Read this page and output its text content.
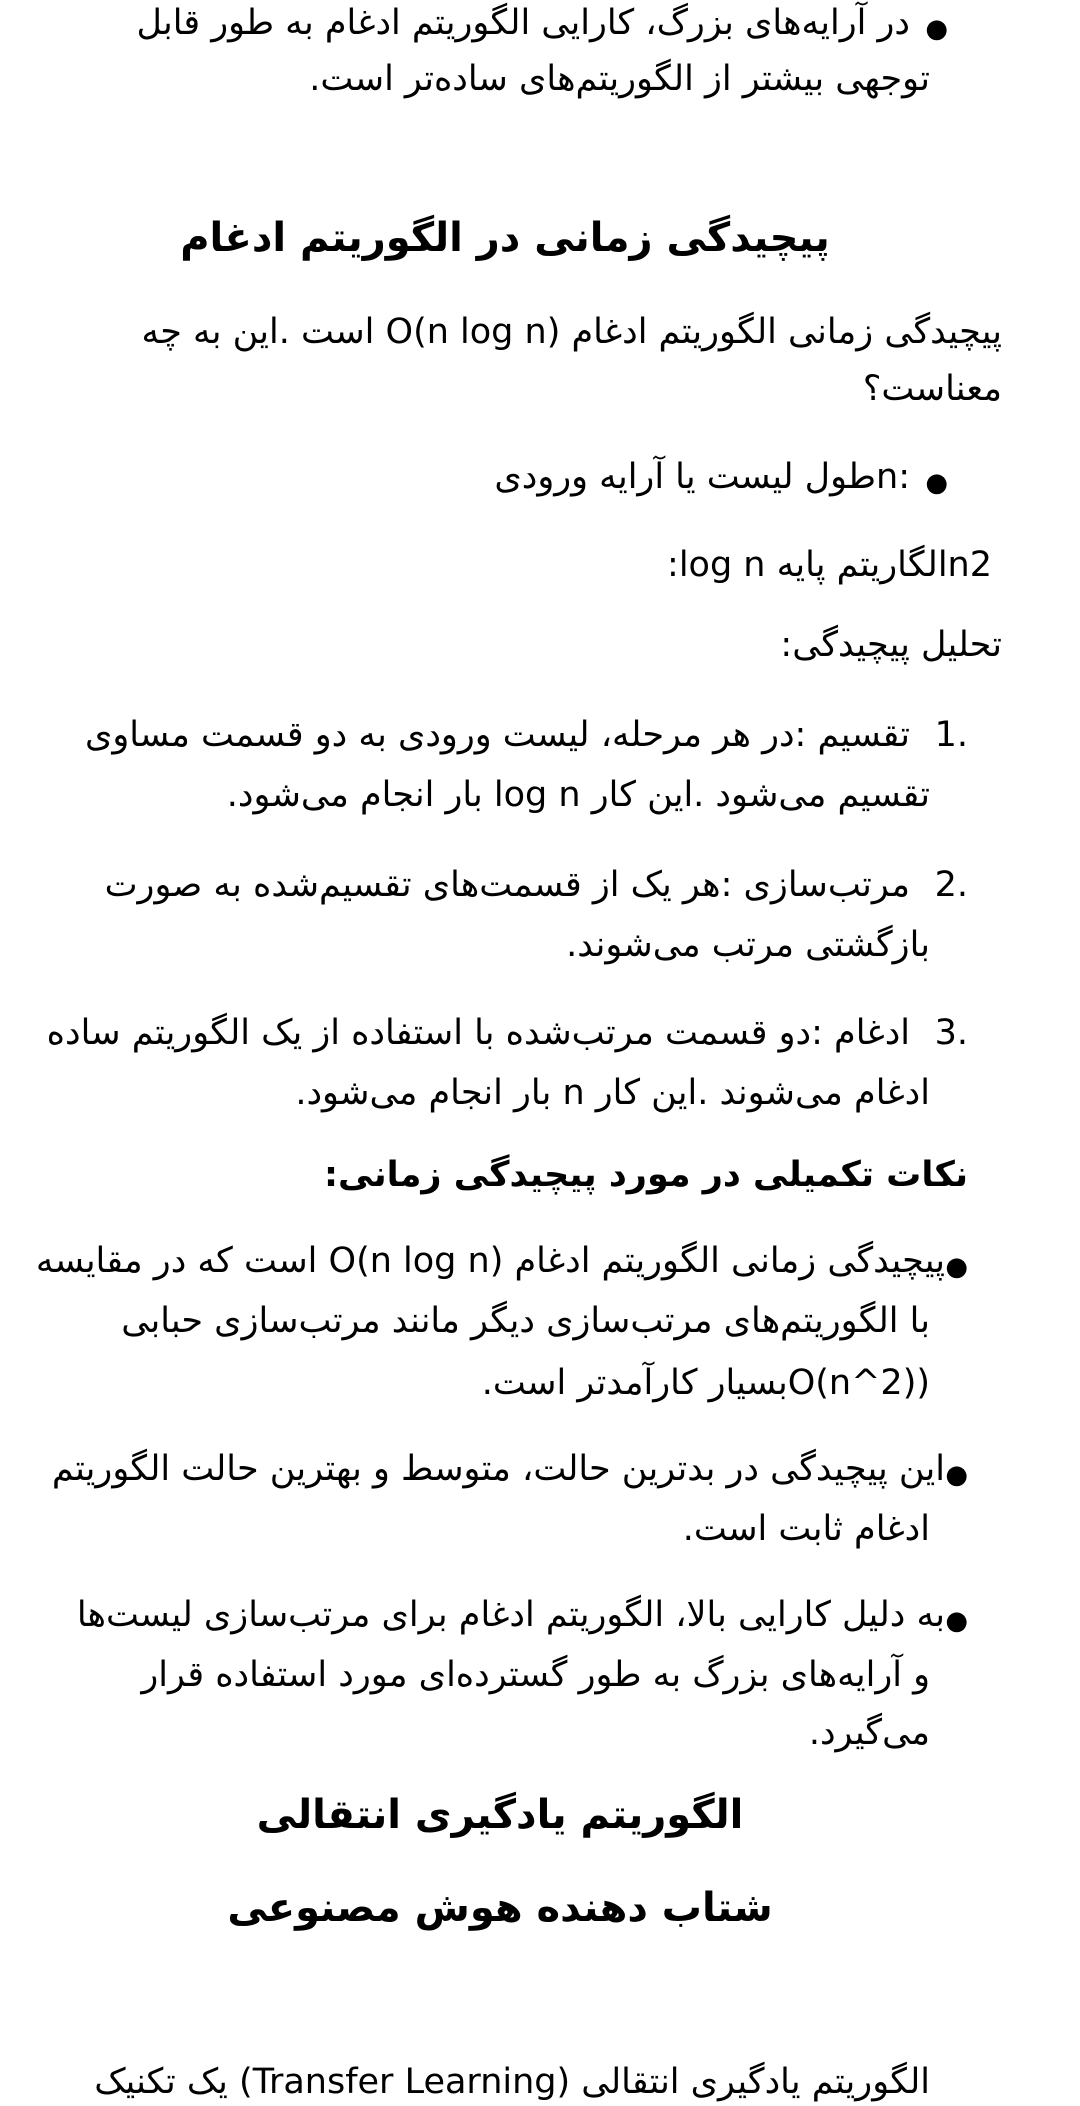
●
در آرایه‌های بزرگ، کارایی الگوریتم ادغام به طور قابل
توجهی بیشتر از الگوریتم‌های ساده‌تر است.
پیچیدگی زمانی در الگوریتم ادغام
پیچیدگی زمانی الگوریتم ادغام (O(n log n است .این به چه
معناست؟
●
:nطول لیست یا آرایه ورودی
n2الگاریتم پایه log n:
تحلیل پیچیدگی:
1.
تقسیم :در هر مرحله، لیست ورودی به دو قسمت مساوی
تقسیم می‌شود .این کار log n بار انجام می‌شود.
2.
مرتب‌سازی :هر یک از قسمت‌های تقسیم‌شده به صورت
بازگشتی مرتب می‌شوند.
3.
ادغام :دو قسمت مرتب‌شده با استفاده از یک الگوریتم ساده
ادغام می‌شوند .این کار n بار انجام می‌شود.
نکات تکمیلی در مورد پیچیدگی زمانی:
●
پیچیدگی زمانی الگوریتم ادغام (O(n log n است که در مقایسه
با الگوریتم‌های مرتب‌سازی دیگر مانند مرتب‌سازی حبابی
((O(n^2بسیار کارآمدتر است.
●
این پیچیدگی در بدترین حالت، متوسط و بهترین حالت الگوریتم
ادغام ثابت است.
●
به دلیل کارایی بالا، الگوریتم ادغام برای مرتب‌سازی لیست‌ها
و آرایه‌های بزرگ به طور گسترده‌ای مورد استفاده قرار
می‌گیرد.
الگوریتم یادگیری انتقالی
شتاب دهنده هوش مصنوعی
الگوریتم یادگیری انتقالی (Transfer Learning) یک تکنیک
